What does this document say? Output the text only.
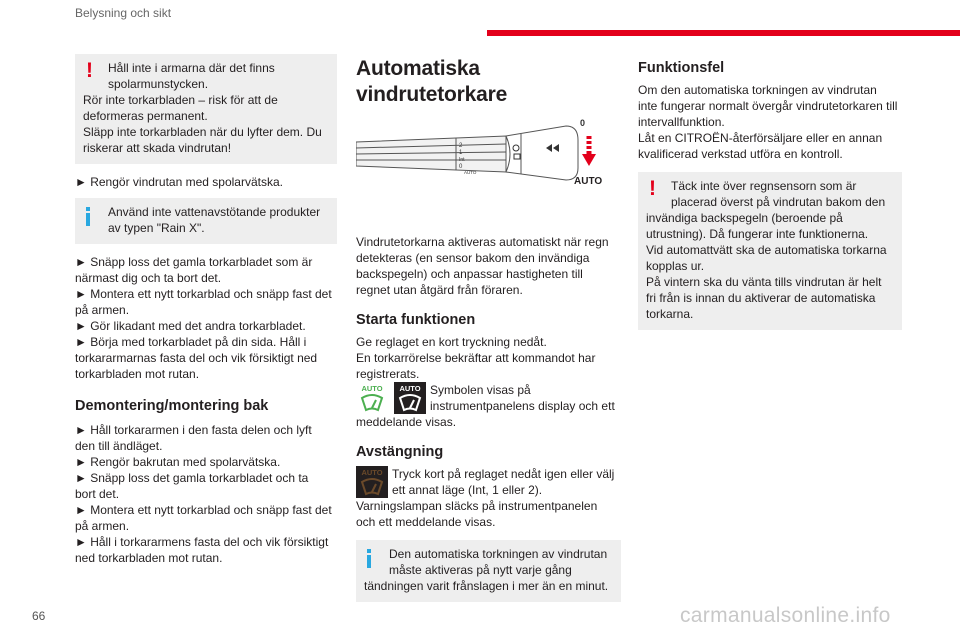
Belysning och sikt
!	Håll inte i armarna där det finns
spolarmunstycken.
Rör inte torkarbladen – risk för att de
deformeras permanent.
Släpp inte torkarbladen när du lyfter dem. Du
riskerar att skada vindrutan!

► Rengör vindrutan med spolarvätska.

Använd inte vattenavstötande produkter
av typen "Rain X".
► Snäpp loss det gamla torkarbladet som är
närmast dig och ta bort det.
► Montera ett nytt torkarblad och snäpp fast det
på armen.
► Gör likadant med det andra torkarbladet.
► Börja med torkarbladet på din sida. Håll i
torkararmarnas fasta del och vik försiktigt ned
torkarbladen mot rutan.
Demontering/montering bak
► Håll torkararmen i den fasta delen och lyft
den till ändläget.
► Rengör bakrutan med spolarvätska.
► Snäpp loss det gamla torkarbladet och ta
bort det.
► Montera ett nytt torkarblad och snäpp fast det
på armen.
► Håll i torkararmens fasta del och vik försiktigt
ned torkarbladen mot rutan.
Automatiska vindrutetorkare
2
1
Int
0
AUTO
0
AUTO
Vindrutetorkarna aktiveras automatiskt när regn
detekteras (en sensor bakom den invändiga
backspegeln) och anpassar hastigheten till
regnet utan åtgärd från föraren.
Starta funktionen
Ge reglaget en kort tryckning nedåt.
En torkarrörelse bekräftar att kommandot har
registrerats.
AUTO AUTO Symbolen visas på
instrumentpanelens display och ett
meddelande visas.
Avstängning
AUTO Tryck kort på reglaget nedåt igen eller välj
ett annat läge (Int, 1 eller 2).
Varningslampan släcks på instrumentpanelen
och ett meddelande visas.
Den automatiska torkningen av vindrutan
måste aktiveras på nytt varje gång
tändningen varit frånslagen i mer än en minut.
Funktionsfel
Om den automatiska torkningen av vindrutan
inte fungerar normalt övergår vindrutetorkaren till
intervallfunktion.
Låt en CITROËN-återförsäljare eller en annan
kvalificerad verkstad utföra en kontroll.
!	Täck inte över regnsensorn som är
placerad överst på vindrutan bakom den
invändiga backspegeln (beroende på
utrustning). Då fungerar inte funktionerna.
Vid automattvätt ska de automatiska torkarna
kopplas ur.
På vintern ska du vänta tills vindrutan är helt
fri från is innan du aktiverar de automatiska
torkarna.
66	carmanualsonline.info
